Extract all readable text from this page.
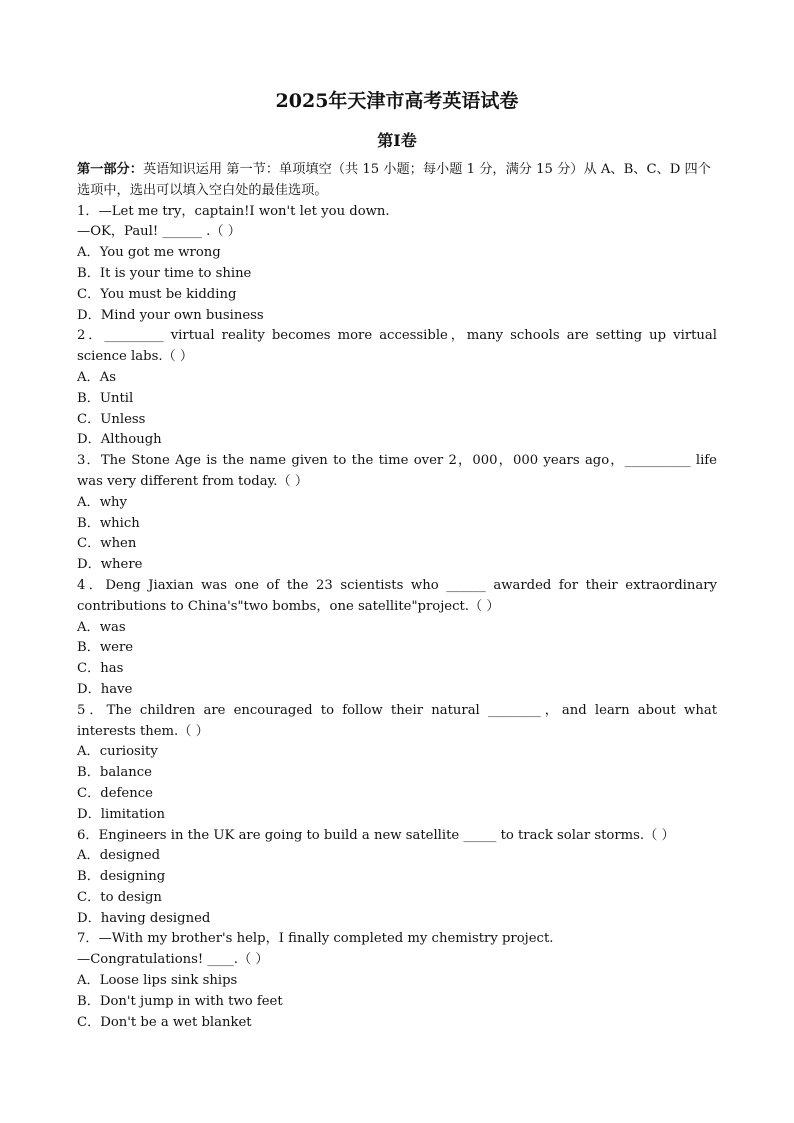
2025年天津市高考英语试卷
第I卷
第一部分：英语知识运用 第一节：单项填空（共 15 小题；每小题 1 分，满分 15 分）从 A、B、C、D 四个选项中，选出可以填入空白处的最佳选项。
1．—Let me try，captain!I won't let you down.
—OK，Paul! ______ .（ ）
A．You got me wrong
B．It is your time to shine
C．You must be kidding
D．Mind your own business
2．_________ virtual reality becomes more accessible，many schools are setting up virtual science labs.（ ）
A．As
B．Until
C．Unless
D．Although
3．The Stone Age is the name given to the time over 2，000，000 years ago，__________ life was very different from today.（ ）
A．why
B．which
C．when
D．where
4．Deng Jiaxian was one of the 23 scientists who ______ awarded for their extraordinary contributions to China's"two bombs，one satellite"project.（ ）
A．was
B．were
C．has
D．have
5．The children are encouraged to follow their natural ________，and learn about what interests them.（ ）
A．curiosity
B．balance
C．defence
D．limitation
6．Engineers in the UK are going to build a new satellite _____ to track solar storms.（ ）
A．designed
B．designing
C．to design
D．having designed
7．—With my brother's help，I finally completed my chemistry project.
—Congratulations! ____.（ ）
A．Loose lips sink ships
B．Don't jump in with two feet
C．Don't be a wet blanket
